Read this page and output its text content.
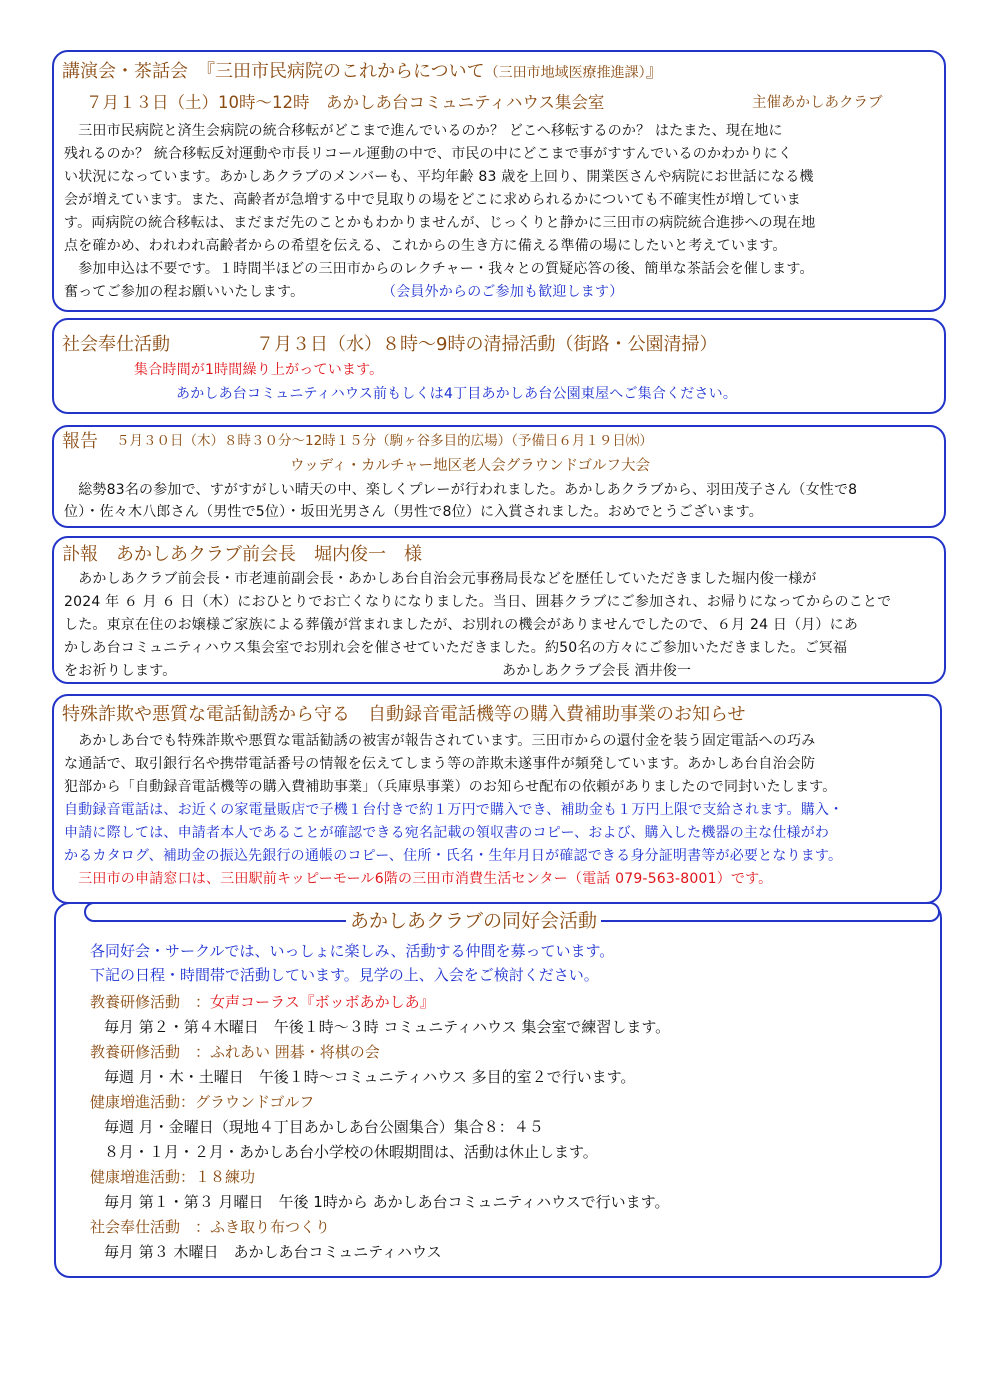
講演会・茶話会　『三田市民病院のこれからについて（三田市地域医療推進課）』
７月１３日（土）10時～12時　あかしあ台コミュニティハウス集会室	主催あかしあクラブ
　三田市民病院と済生会病院の統合移転がどこまで進んでいるのか？ どこへ移転するのか？ はたまた、現在地に
残れるのか？ 統合移転反対運動や市長リコール運動の中で、市民の中にどこまで事がすすんでいるのかわかりにく
い状況になっています。あかしあクラブのメンバーも、平均年齢 83 歳を上回り、開業医さんや病院にお世話になる機
会が増えています。また、高齢者が急増する中で見取りの場をどこに求められるかについても不確実性が増していま
す。両病院の統合移転は、まだまだ先のことかもわかりませんが、じっくりと静かに三田市の病院統合進捗への現在地
点を確かめ、われわれ高齢者からの希望を伝える、これからの生き方に備える準備の場にしたいと考えています。
　参加申込は不要です。１時間半ほどの三田市からのレクチャー・我々との質疑応答の後、簡単な茶話会を催します。
奮ってご参加の程お願いいたします。	（会員外からのご参加も歓迎します）
社会奉仕活動	７月３日（水）８時～9時の清掃活動（街路・公園清掃）
集合時間が1時間繰り上がっています。
あかしあ台コミュニティハウス前もしくは4丁目あかしあ台公園東屋へご集合ください。
報告 ５月３０日（木）８時３０分～12時１５分（駒ヶ谷多目的広場）（予備日６月１９日㈬）
ウッディ・カルチャー地区老人会グラウンドゴルフ大会
　総勢83名の参加で、すがすがしい晴天の中、楽しくプレーが行われました。あかしあクラブから、羽田茂子さん（女性で8
位）・佐々木八郎さん（男性で5位）・坂田光男さん（男性で8位）に入賞されました。おめでとうございます。
訃報　あかしあクラブ前会長　堀内俊一　様
　あかしあクラブ前会長・市老連前副会長・あかしあ台自治会元事務局長などを歴任していただきました堀内俊一様が
2024 年 ６ 月 ６ 日（木）におひとりでお亡くなりになりました。当日、囲碁クラブにご参加され、お帰りになってからのことで
した。東京在住のお嬢様ご家族による葬儀が営まれましたが、お別れの機会がありませんでしたので、６月 24 日（月）にあ
かしあ台コミュニティハウス集会室でお別れ会を催させていただきました。約50名の方々にご参加いただきました。ご冥福
をお祈りします。	あかしあクラブ会長 酒井俊一
特殊詐欺や悪質な電話勧誘から守る　自動録音電話機等の購入費補助事業のお知らせ
　あかしあ台でも特殊詐欺や悪質な電話勧誘の被害が報告されています。三田市からの還付金を装う固定電話への巧み
な通話で、取引銀行名や携帯電話番号の情報を伝えてしまう等の詐欺未遂事件が頻発しています。あかしあ台自治会防
犯部から「自動録音電話機等の購入費補助事業」（兵庫県事業）のお知らせ配布の依頼がありましたので同封いたします。
自動録音電話は、お近くの家電量販店で子機１台付きで約１万円で購入でき、補助金も１万円上限で支給されます。購入・
申請に際しては、申請者本人であることが確認できる宛名記載の領収書のコピー、および、購入した機器の主な仕様がわ
かるカタログ、補助金の振込先銀行の通帳のコピー、住所・氏名・生年月日が確認できる身分証明書等が必要となります。
　三田市の申請窓口は、三田駅前キッピーモール6階の三田市消費生活センター（電話 079-563-8001）です。
あかしあクラブの同好会活動
各同好会・サークルでは、いっしょに楽しみ、活動する仲間を募っています。
下記の日程・時間帯で活動しています。見学の上、入会をご検討ください。
教養研修活動　：女声コーラス『ボッボあかしあ』
毎月 第２・第４木曜日　午後１時～３時 コミュニティハウス 集会室で練習します。
教養研修活動　：ふれあい 囲碁・将棋の会
毎週 月・木・土曜日　午後１時～コミュニティハウス 多目的室２で行います。
健康増進活動：グラウンドゴルフ
毎週 月・金曜日（現地４丁目あかしあ台公園集合）集合８：４５
８月・１月・２月・あかしあ台小学校の休暇期間は、活動は休止します。
健康増進活動：１８練功
毎月 第１・第３ 月曜日　午後 1時から あかしあ台コミュニティハウスで行います。
社会奉仕活動　：ふき取り布つくり
毎月 第３ 木曜日　あかしあ台コミュニティハウス
